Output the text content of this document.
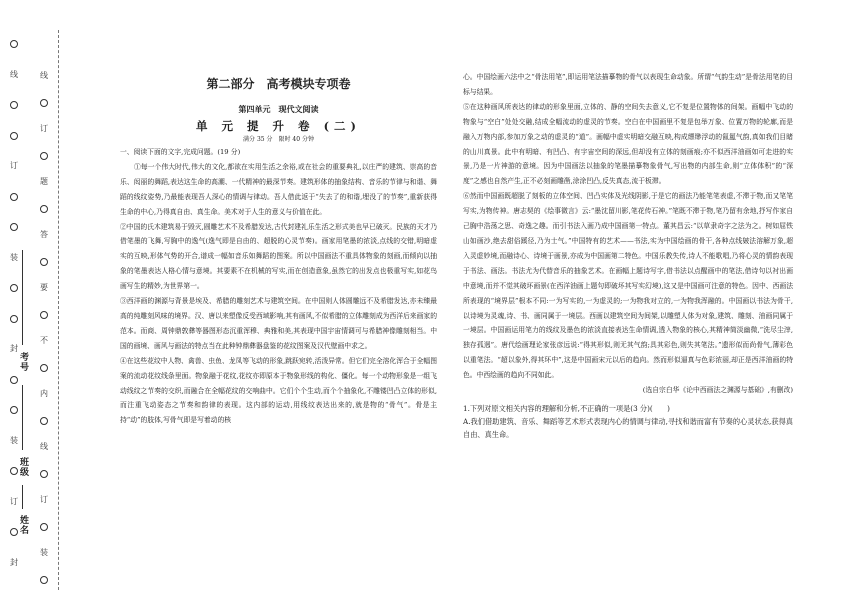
线
订
题
答
要
不
内
线
订
装
线
订
装
封
装
订
封
考号
班级
姓名
第二部分　高考模块专项卷
第四单元　现代文阅读
单 元 提 升 卷 (二)
满分 35 分　限时 40 分钟

一、阅读下面的文字,完成问题。(19 分)

①每一个伟大时代,伟大的文化,都欲在实用生活之余裕,或在社会的重要典礼,以庄严的建筑、崇高的音乐、闳丽的舞蹈,表达这生命的高潮、一代精神的最深节奏。建筑形体的抽象结构、音乐的节律与和谐、舞蹈的线纹姿势,乃最能表现吾人深心的情调与律动。吾人借此返于“失去了的和谐,埋没了的节奏”,重新获得生命的中心,乃得真自由、真生命。美术对于人生的意义与价值在此。

②中国的氏木建筑易于毁灭,圆雕艺术不及希腊发达,古代封建礼乐生活之形式美也早已破灭。民族的天才乃借笔墨的飞舞,写胸中的逸气(逸气即是自由的、超脱的心灵节奏)。画家用笔墨的浓淡,点线的交错,明暗虚实的互映,形体气势的开合,谱成一幅如音乐如舞蹈的图案。所以中国画法不重具体物象的刻画,而倾向以抽象的笔墨表达人格心情与意境。其要素不在机械的写实,而在创造意象,虽然它的出发点也极重写实,如花鸟画写生的精妙,为世界第一。

③西洋画的渊源与背景是埃及、希腊的雕刻艺术与建筑空间。在中国则人体圆雕远不及希腊发达,亦未臻最高的纯雕刻风味的境界。汉、唐以来塑像反受西域影响,其有画风,不似希腊的立体雕刻成为西洋后来画家的范本。而商、周钟鼎敦彝等器图形态沉重浑穆、典雅和美,其表现中国宇宙情调可与希腊神像雕刻相当。中国的画境、画风与画法的特点当在此种钟鼎彝器盘鉴的花纹图案及汉代壁画中求之。

④在这些花纹中人物、禽兽、虫鱼、龙凤等飞动的形象,跳跃宛转,活泼异常。但它们完全溶化浑合于全幅图案的流动花纹线条里面。物象融于花纹,花纹亦即原本于物象形线的构化、僵化。每一个动物形象是一组飞动线纹之节奏的交织,而融合在全幅花纹的交响曲中。它们个个生动,而个个抽象化,不雕镂凹凸立体的形似,而注重飞动姿态之节奏和韵律的表现。这内部的运动,用线纹表达出来的,就是物的“骨气”。骨是主持“动”的肢体,写骨气即是写着动的核

心。中国绘画六法中之“骨法用笔”,即运用笔法描摹物的骨气以表现生命动象。所谓“气韵生动”是骨法用笔的目标与结果。

⑤在这种画风所表达的律动的形象里面,立体的、静的空间失去意义,它不复是位置物体的间架。画幅中飞动的物象与“空白”处处交融,结成全幅流动的虚灵的节奏。空白在中国画里不复是包举万象、位置万物的轮廓,而是融入万物内部,参加万象之动的虚灵的“道”。画幅中虚实明暗交融互映,构成缥缈浮动的氤氲气韵,真如我们目睹的山川真景。此中有明暗、有凹凸、有宇宙空间的深远,但却没有立体的刻画痕;亦不似西洋油画如可走进的实景,乃是一片神游的意境。因为中国画法以抽象的笔墨描摹物象骨气,写出物的内部生命,则“立体体积”的“深度”之感也自然产生,正不必刻画雕凿,涂涂凹凸,反失真态,流于板滞。

⑥然而中国画既超脱了刻板的立体空间、凹凸实体及光线阴影,于是它的画法乃能笔笔表虚,不滞于物,而又笔笔写实,为物传神。唐志契的《绘事微言》云:“墨沈留川影,笔花传石神。”笔既不滞于物,笔乃留有余地,抒写作家自己胸中浩荡之思、奇逸之趣。而引书法入画乃成中国画第一特点。董其昌云:“以草隶奇字之法为之。树如屈铁山如画沙,绝去甜俗蹊径,乃为士气。”中国特有的艺术——书法,实为中国绘画的骨干,各种点线皴法溶解万象,超入灵虚妙境,而融诗心、诗境于画景,亦成为中国画第二特色。中国乐教失传,诗人不能歌唱,乃将心灵的情韵表现于书法、画法。书法尤为代替音乐的抽象艺术。在画幅上题诗写字,借书法以点醒画中的笔法,借诗句以衬出画中意境,而并不觉其破坏画景(在西洋油画上题句即破坏其写实幻境),这又是中国画可注意的特色。因中、西画法所表现的“境界层”根本不同:一为写实的,一为虚灵的;一为物我对立的,一为物我浑融的。中国画以书法为骨干,以诗境为灵魂,诗、书、画同属于一境层。西画以建筑空间为间架,以雕塑人体为对象,建筑、雕刻、油画同属于一境层。中国画运用笔力的线纹及墨色的浓淡直接表达生命情调,透入物象的核心,其精神简淡幽微,“洗尽尘滓,独存孤迥”。唐代绘画理论家张彦远说:“得其形似,则无其气韵;具其彩色,则失其笔法。”遗形似而尚骨气,薄彩色以重笔法。“超以象外,得其环中”,这是中国画宋元以后的趋向。然而形似逼真与色彩浓丽,却正是西洋油画的特色。中西绘画的趋向不同如此。

(选自宗白华《论中西画法之渊源与基础》,有删改)

1.下列对原文相关内容的理解和分析,不正确的一项是(3 分)(　　)

A.我们借助建筑、音乐、舞蹈等艺术形式表现内心的情调与律动,寻找和谐而富有节奏的心灵状态,获得真自由、真生命。
